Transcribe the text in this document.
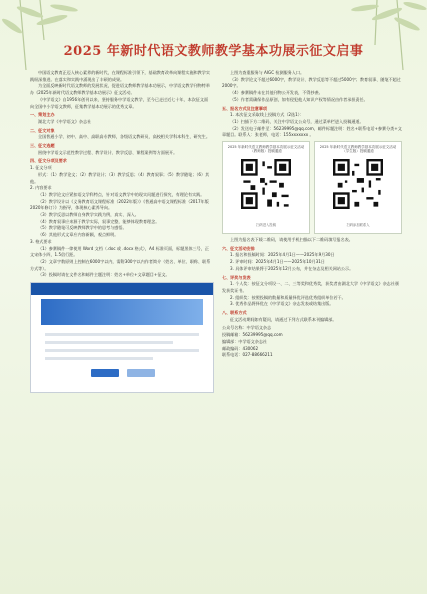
2025 年新时代语文教师教学基本功展示征文启事

中国语文教育正迈入核心素养的新时代，在课程标准引领下，基础教育改革向课程实施和教学实践纵深推进。在落实和实践中涌现出了丰硕的成果。

为全面反映新时代语文教师的发展状况，促进语文教师教学基本功展示，中学语文教学刊物特举办《2025年新时代语文教师教学基本功展示》征文活动。

《中学语文》自1956年创刊以来，坚持服务中学语文教学，至今已走过近七十年，本次征文面向全国中小学语文教师，征集教学基本功展示的优秀文章。

一、策划主办

湖北大学《中学语文》杂志社

二、征文对象

全国普通小学、初中、高中、高职高专教师，各级语文教研员，高校相关学科本科生、研究生。

三、征文选题

围绕中学语文示范性教学过程、教学设计、教学反思、课程案例等方面展开。

四、征文分项及要求

1. 征文分项

形式：（1）教学论文；（2）教学设计；（3）教学反思；（4）教育叙事；（5）教学随笔；（6）其他。

2. 内容要求

（1）教学论文应紧扣语文学科特点，针对语文教学中的现实问题进行探究，有理论有实践。

（2）教学设计以《义务教育语文课程标准（2022年版）》《普通高中语文课程标准（2017年版2020年修订）》为指导，体现核心素养导向。

（3）教学反思以教师自身教学实践为例，真实、深入。

（4）教育叙事应来源于教学实际，叙事完整，能够体现教育理念。

（5）教学随笔可反映教师教学中的思考与感悟。

（6）其他形式文章应内容新颖，观点鲜明。

3. 格式要求

（1）参赛稿件一律使用 Word 文档（.doc 或 .docx 格式），A4 标准页面，标题黑体三号，正文宋体小四，1.5倍行距。

（2）文章字数原则上控制在6000字以内，需附300字以内作者简介（姓名、单位、职称、联系方式等）。

（3）投稿时请在文件名和邮件主题注明：姓名+单位+文章题目+征文。

上图为查重服务与 AIGC 检测服务入口。

（3）教学论文不超过6000字，教学设计、教学反思等不超过5000字；教育叙事、随笔不超过2000字。

（4）参赛稿件未在其他刊物公开发表，不得抄袭。

（5）作者需确保作品原创，如有侵犯他人知识产权等情况由作者承担责任。

五、报名方式及注意事项

1. 本次征文采取线上投稿方式（2选1）：

（1）扫描下方二维码，关注中学语文公众号，通过菜单栏进入投稿通道。

（2）发送电子邮件至：56239995@qq.com，邮件标题注明：姓名+联系电话+参赛分类+文章题目。联系人：张老师，电话：155xxxxxxx 。

2025 年新时代语文教师教学基本功展示征文活动（教师版）投稿通道
扫码进入投稿
2025 年新时代语文教师教学基本功展示征文活动（学生版）投稿通道
扫码添加联系人

上图为报名表下载二维码，请使用手机扫描以下二维码填写报名表。

六、征文活动安排

1. 报名和投稿时间：2025年4月1日——2025年9月30日

2. 评审时间：2025年4月1日——2025年10月31日

3. 具体评审结果将于2025年12月公布，并在杂志及相关网站公示。

七、评奖与发表

1. 个人奖：按征文分项设一、二、三等奖和优秀奖，获奖者由湖北大学《中学语文》杂志社颁发获奖证书。

2. 组织奖：按照投稿的数量和质量择优评选优秀组织单位若干。

3. 优秀作品将择优在《中学语文》杂志发表或结集出版。

八、联系方式

征文活动期间如有疑问，请通过下列方式联系本刊编辑部。

公众号名称：中学语文杂志

投稿邮箱：56239995@qq.com

编辑部：中学语文杂志社

邮政编码：430062

联系电话：027-88666211
